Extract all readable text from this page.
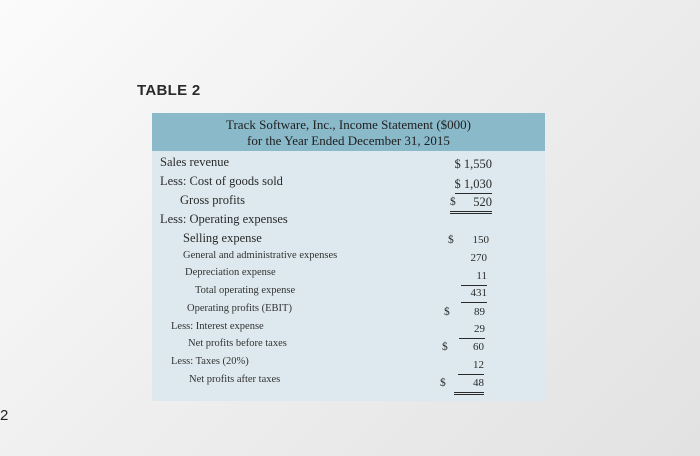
TABLE 2
Track Software, Inc., Income Statement ($000)
for the Year Ended December 31, 2015
Sales revenue	$ 1,550
Less: Cost of goods sold	$ 1,030
Gross profits	$	520
Less: Operating expenses
Selling expense	$ 150
General and administrative expenses	270
Depreciation expense	11
Total operating expense	431
Operating profits (EBIT)	$ 89
Less: Interest expense	29
Net profits before taxes	$ 60
Less: Taxes (20%)	12
Net profits after taxes	$	48
2
